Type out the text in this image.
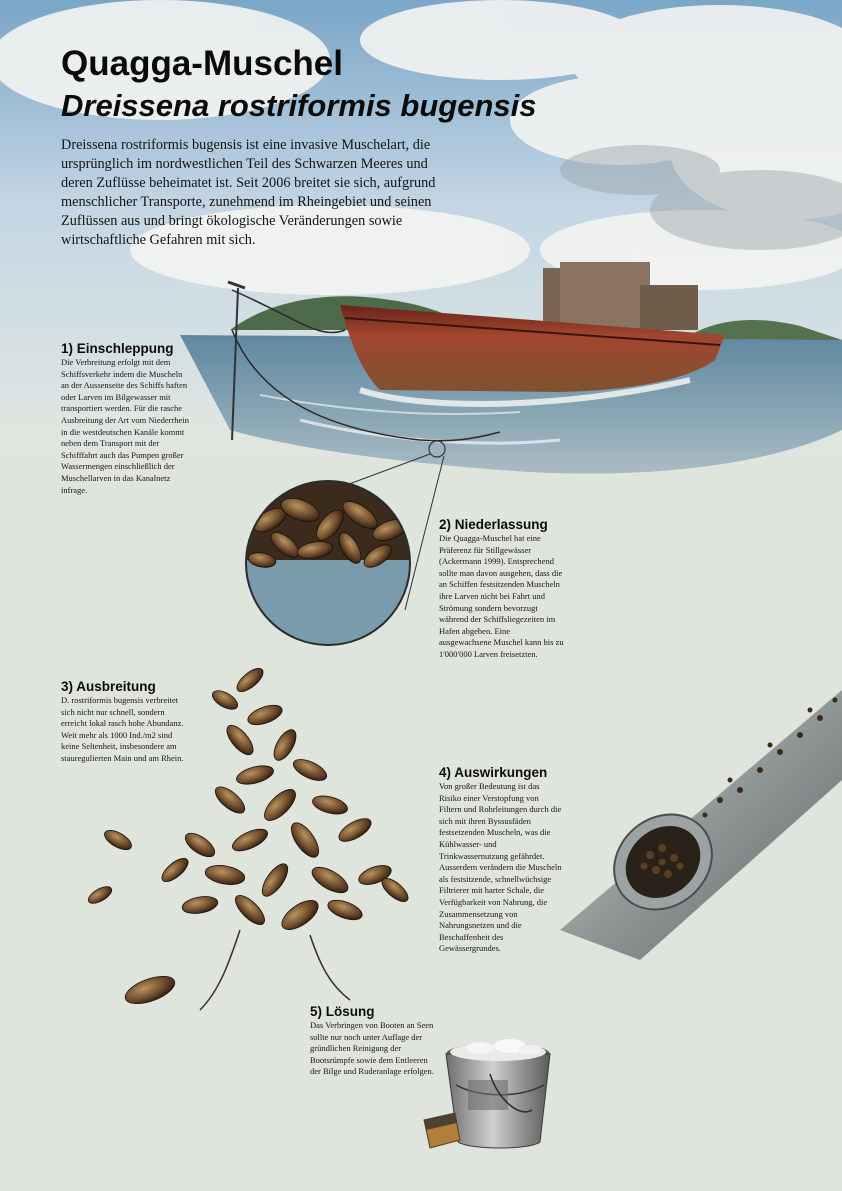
Quagga-Muschel
Dreissena rostriformis bugensis

Dreissena rostriformis bugensis ist eine invasive Muschelart, die ursprünglich im nordwestlichen Teil des Schwarzen Meeres und deren Zuflüsse beheimatet ist. Seit 2006 breitet sie sich, aufgrund menschlicher Transporte, zunehmend im Rheingebiet und seinen Zuflüssen aus und bringt ökologische Veränderungen sowie wirtschaftliche Gefahren mit sich.

1) Einschleppung

Die Verbreitung erfolgt mit dem Schiffsverkehr indem die Muscheln an der Aussenseite des Schiffs haften oder Larven im Bilgewasser mit transportiert werden. Für die rasche Ausbreitung der Art vom Niederrhein in die westdeutschen Kanäle kommt neben dem Transport mit der Schifffahrt auch das Pumpen großer Wassermengen einschließlich der Muschellarven in das Kanalnetz infrage.

2) Niederlassung

Die Quagga-Muschel hat eine Präferenz für Stillgewässer (Ackermann 1999). Entsprechend sollte man davon ausgehen, dass die an Schiffen festsitzenden Muscheln ihre Larven nicht bei Fahrt und Strömung sondern bevorzugt während der Schiffsliegezeiten im Hafen abgeben. Eine ausgewachsene Muschel kann bis zu 1'000'000 Larven freisetzten.

3) Ausbreitung

D. rostriformis bugensis verbreitet sich nicht nur schnell, sondern erreicht lokal rasch hohe Abundanz. Weit mehr als 1000 Ind./m2 sind keine Seltenheit, insbesondere am stauregulierten Main und am Rhein.

4) Auswirkungen

Von großer Bedeutung ist das Risiko einer Verstopfung von Filtern und Rohrleitungen durch die sich mit ihren Byssusfäden festsetzenden Muscheln, was die Kühlwasser- und Trinkwassernutzung gefährdet. Ausserdem verändern die Muscheln als festsitzende, schnellwüchsige Filtrierer mit harter Schale, die Verfügbarkeit von Nahrung, die Zusammensetzung von Nahrungsnetzen und die Beschaffenheit des Gewässergrundes.

5) Lösung

Das Verbringen von Booten an Seen sollte nur noch unter Auflage der gründlichen Reinigung der Bootsrümpfe sowie dem Entleeren der Bilge und Ruderanlage erfolgen.
